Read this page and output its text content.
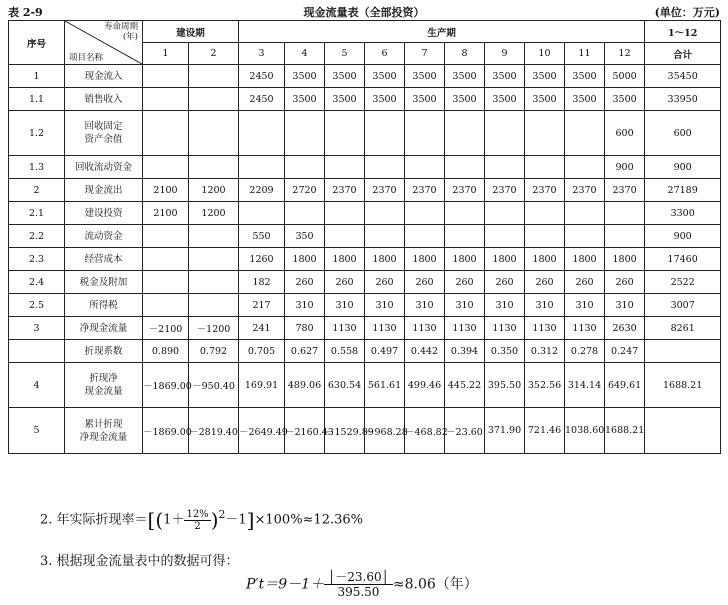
表 2-9	现金流量表（全部投资）	(单位：万元)
序号	寿命周期
(年)
项目名称	建设期		生产期										1～12
		1	2	3	4	5	6	7	8	9	10	11	12	合计
1	现金流入			2450	3500	3500	3500	3500	3500	3500	3500	3500	5000	35450
1.1	销售收入			2450	3500	3500	3500	3500	3500	3500	3500	3500	3500	33950
1.2	回收固定
资产余值												600	600
1.3	回收流动资金												900	900
2	现金流出	2100	1200	2209	2720	2370	2370	2370	2370	2370	2370	2370	2370	27189
2.1	建设投资	2100	1200											3300
2.2	流动资金			550	350									900
2.3	经营成本			1260	1800	1800	1800	1800	1800	1800	1800	1800	1800	17460
2.4	税金及附加			182	260	260	260	260	260	260	260	260	260	2522
2.5	所得税			217	310	310	310	310	310	310	310	310	310	3007
3	净现金流量	－2100	－1200	241	780	1130	1130	1130	1130	1130	1130	1130	2630	8261
	折现系数	0.890	0.792	0.705	0.627	0.558	0.497	0.442	0.394	0.350	0.312	0.278	0.247	
4	折现净
现金流量	－1869.00	－950.40	169.91	489.06	630.54	561.61	499.46	445.22	395.50	352.56	314.14	649.61	1688.21
5	累计折现
净现金流量	－1869.00	－2819.40	－2649.49	－2160.43	－1529.89	－968.28	－468.82	－23.60	371.90	721.46	1038.60	1688.21	
2. 年实际折现率$=[(1+ \frac{12\%}{2} )^2-1]\times 100\%\approx 12.36\%$
3. 根据现金流量表中的数据可得：
$P't=9-1+ \frac{│-23.60│}{395.50} \approx 8.06$（年）
